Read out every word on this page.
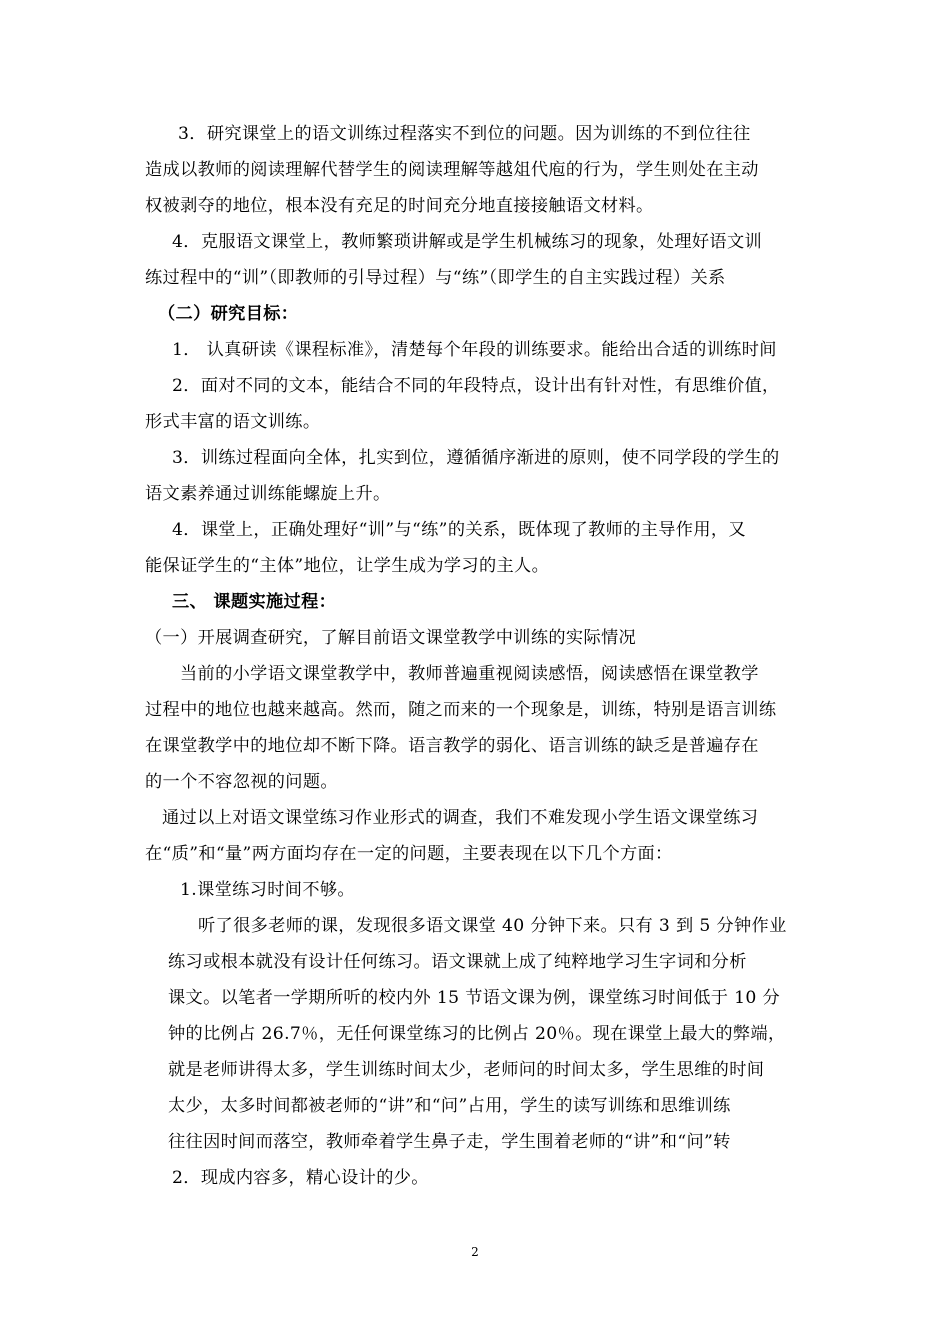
3．研究课堂上的语文训练过程落实不到位的问题。因为训练的不到位往往
造成以教师的阅读理解代替学生的阅读理解等越俎代庖的行为，学生则处在主动
权被剥夺的地位，根本没有充足的时间充分地直接接触语文材料。
4．克服语文课堂上，教师繁琐讲解或是学生机械练习的现象，处理好语文训
练过程中的“训”（即教师的引导过程）与“练”（即学生的自主实践过程）关系
（二）研究目标：
1． 认真研读《课程标准》，清楚每个年段的训练要求。能给出合适的训练时间
2．面对不同的文本，能结合不同的年段特点，设计出有针对性，有思维价值，
形式丰富的语文训练。
3．训练过程面向全体，扎实到位，遵循循序渐进的原则，使不同学段的学生的
语文素养通过训练能螺旋上升。
4．课堂上，正确处理好“训”与“练”的关系，既体现了教师的主导作用，又
能保证学生的“主体”地位，让学生成为学习的主人。
三、 课题实施过程：
（一）开展调查研究，了解目前语文课堂教学中训练的实际情况
当前的小学语文课堂教学中，教师普遍重视阅读感悟，阅读感悟在课堂教学
过程中的地位也越来越高。然而，随之而来的一个现象是，训练，特别是语言训练
在课堂教学中的地位却不断下降。语言教学的弱化、语言训练的缺乏是普遍存在
的一个不容忽视的问题。
通过以上对语文课堂练习作业形式的调查，我们不难发现小学生语文课堂练习
在“质”和“量”两方面均存在一定的问题，主要表现在以下几个方面：
1.课堂练习时间不够。
听了很多老师的课，发现很多语文课堂 40 分钟下来。只有 3 到 5 分钟作业
练习或根本就没有设计任何练习。语文课就上成了纯粹地学习生字词和分析
课文。以笔者一学期所听的校内外 15 节语文课为例，课堂练习时间低于 10 分
钟的比例占 26.7％，无任何课堂练习的比例占 20％。现在课堂上最大的弊端，
就是老师讲得太多，学生训练时间太少，老师问的时间太多，学生思维的时间
太少，太多时间都被老师的“讲”和“问”占用，学生的读写训练和思维训练
往往因时间而落空，教师牵着学生鼻子走，学生围着老师的“讲”和“问”转
2．现成内容多，精心设计的少。
2
